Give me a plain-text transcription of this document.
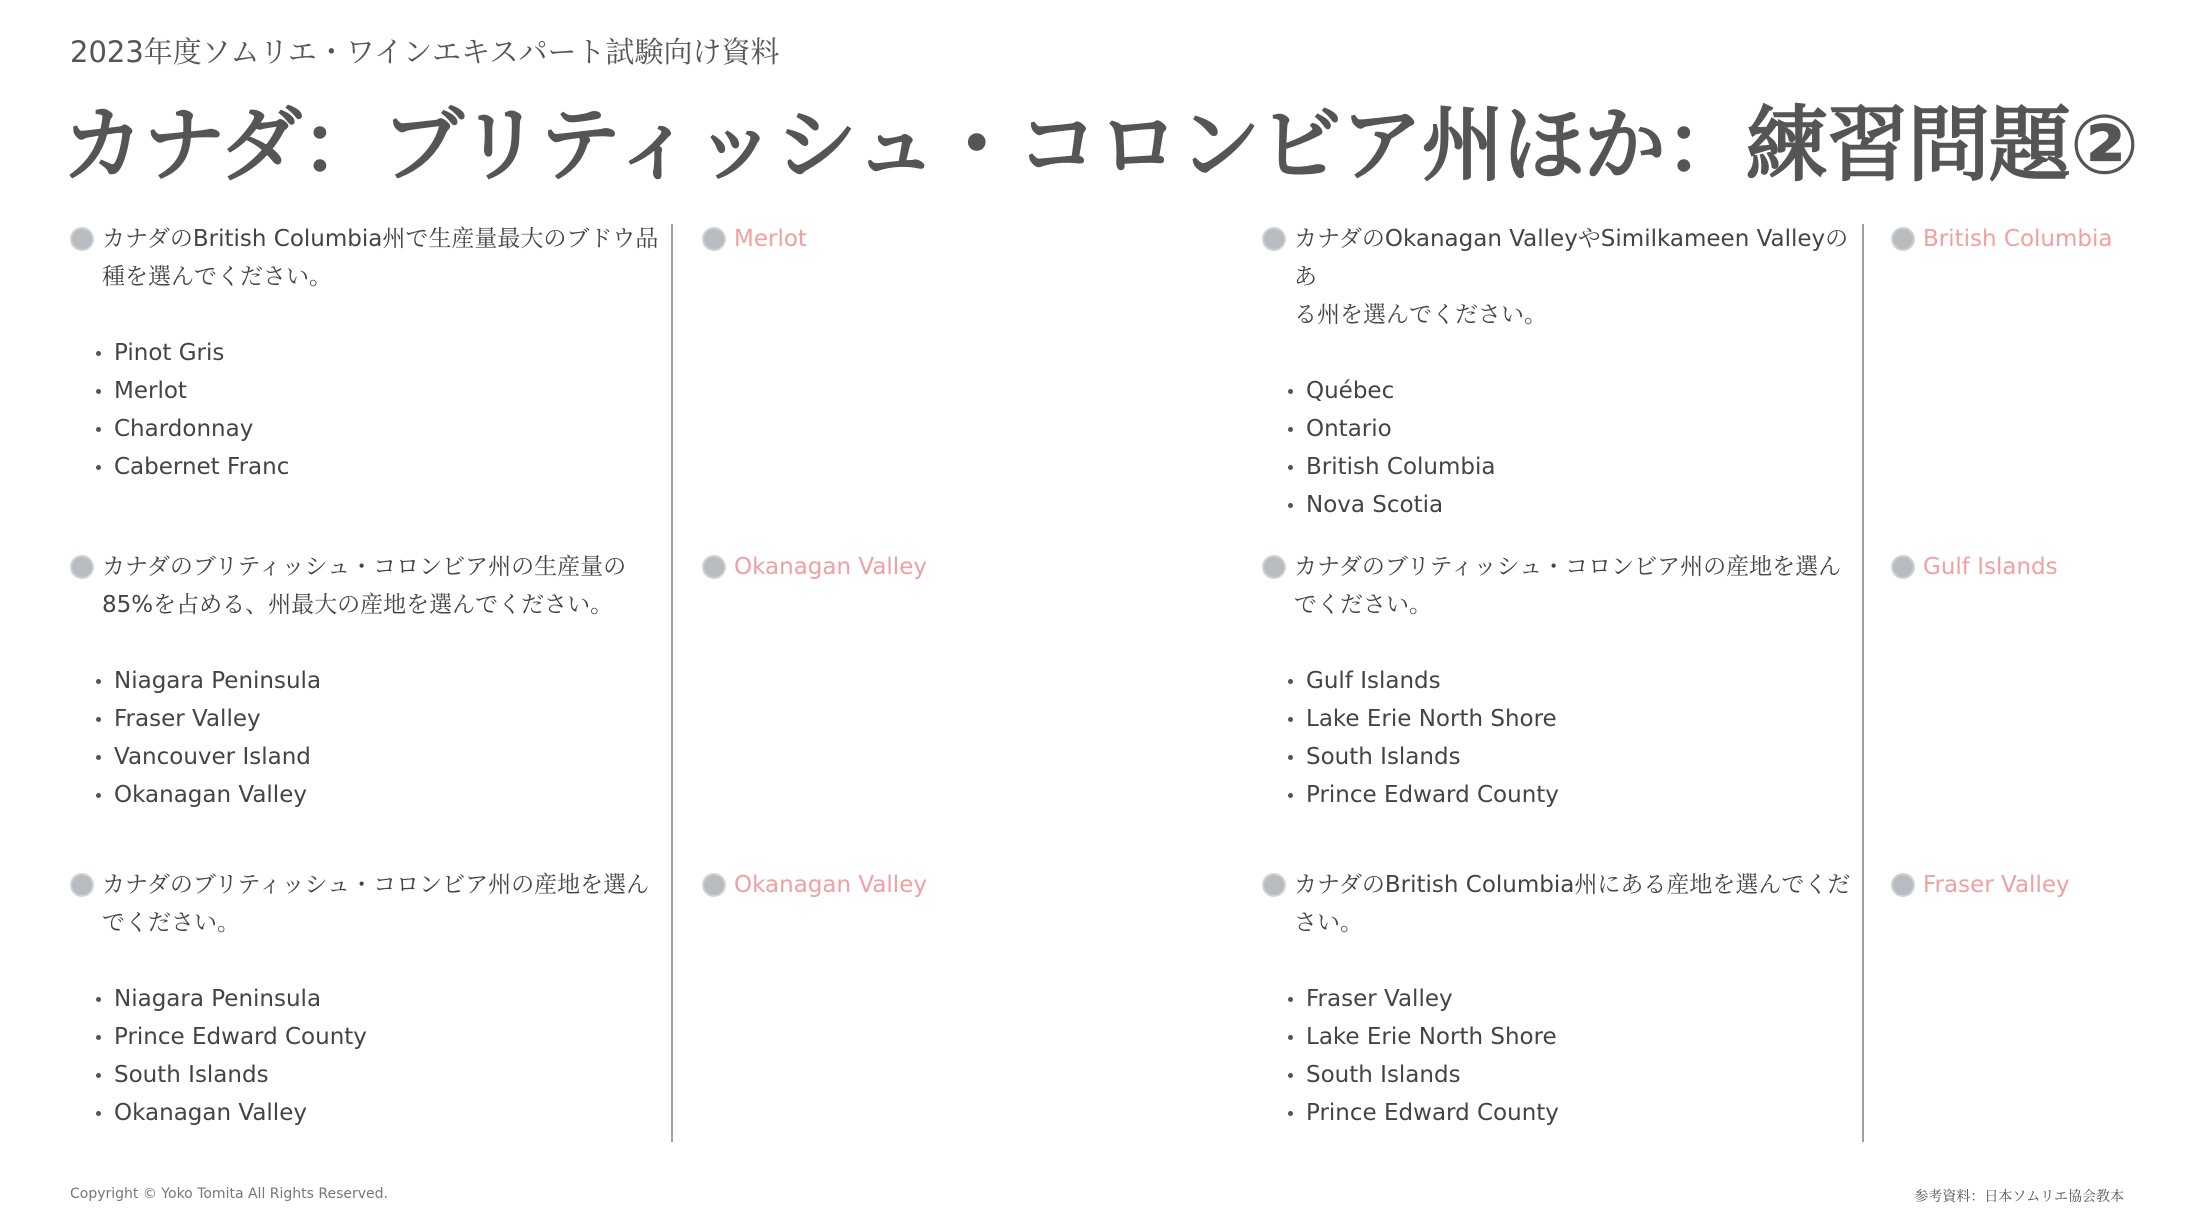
2023年度ソムリエ・ワインエキスパート試験向け資料
カナダ：ブリティッシュ・コロンビア州ほか：練習問題②
カナダのBritish Columbia州で生産量最大のブドウ品
種を選んでください。
Pinot Gris
Merlot
Chardonnay
Cabernet Franc
Merlot
カナダのブリティッシュ・コロンビア州の生産量の
85%を占める、州最大の産地を選んでください。
Niagara Peninsula
Fraser Valley
Vancouver Island
Okanagan Valley
Okanagan Valley
カナダのブリティッシュ・コロンビア州の産地を選ん
でください。
Niagara Peninsula
Prince Edward County
South Islands
Okanagan Valley
Okanagan Valley
カナダのOkanagan ValleyやSimilkameen Valleyのあ
る州を選んでください。
Québec
Ontario
British Columbia
Nova Scotia
British Columbia
カナダのブリティッシュ・コロンビア州の産地を選ん
でください。
Gulf Islands
Lake Erie North Shore
South Islands
Prince Edward County
Gulf Islands
カナダのBritish Columbia州にある産地を選んでくだ
さい。
Fraser Valley
Lake Erie North Shore
South Islands
Prince Edward County
Fraser Valley
Copyright © Yoko Tomita All Rights Reserved.	参考資料：日本ソムリエ協会教本
